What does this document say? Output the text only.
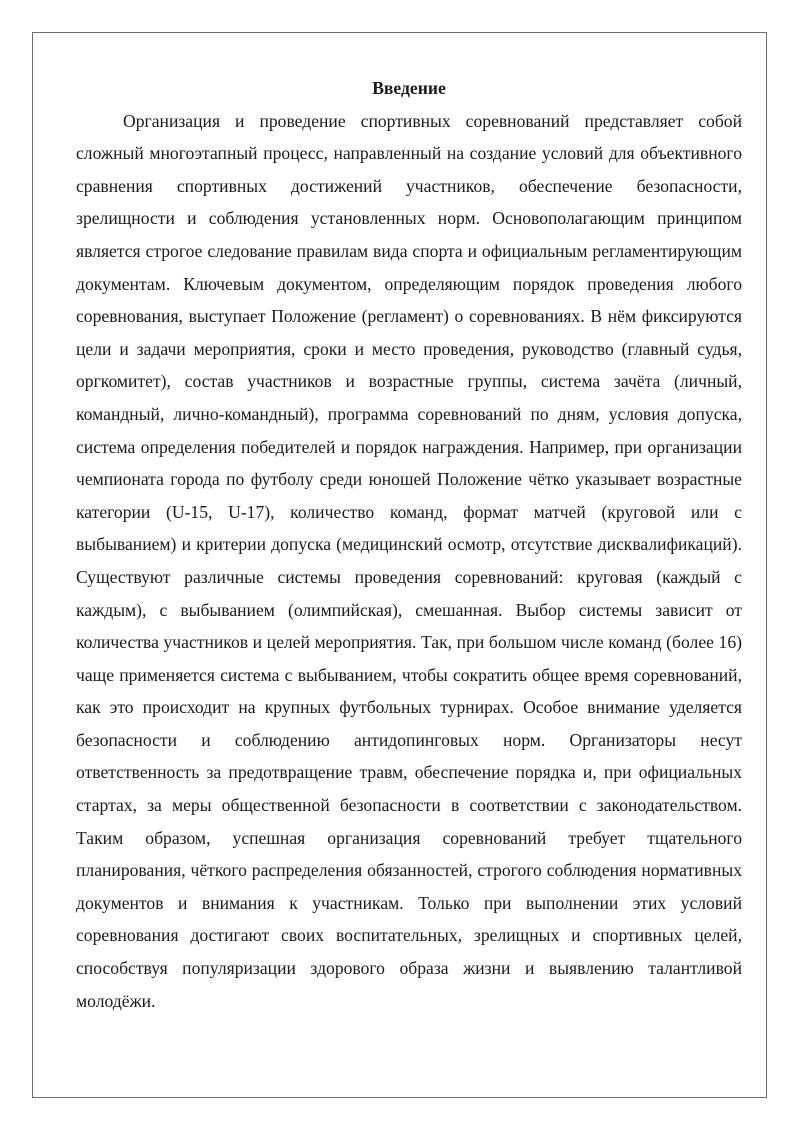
Введение

Организация и проведение спортивных соревнований представляет собой сложный многоэтапный процесс, направленный на создание условий для объективного сравнения спортивных достижений участников, обеспечение безопасности, зрелищности и соблюдения установленных норм. Основополагающим принципом является строгое следование правилам вида спорта и официальным регламентирующим документам. Ключевым документом, определяющим порядок проведения любого соревнования, выступает Положение (регламент) о соревнованиях. В нём фиксируются цели и задачи мероприятия, сроки и место проведения, руководство (главный судья, оргкомитет), состав участников и возрастные группы, система зачёта (личный, командный, лично-командный), программа соревнований по дням, условия допуска, система определения победителей и порядок награждения. Например, при организации чемпионата города по футболу среди юношей Положение чётко указывает возрастные категории (U-15, U-17), количество команд, формат матчей (круговой или с выбыванием) и критерии допуска (медицинский осмотр, отсутствие дисквалификаций). Существуют различные системы проведения соревнований: круговая (каждый с каждым), с выбыванием (олимпийская), смешанная. Выбор системы зависит от количества участников и целей мероприятия. Так, при большом числе команд (более 16) чаще применяется система с выбыванием, чтобы сократить общее время соревнований, как это происходит на крупных футбольных турнирах. Особое внимание уделяется безопасности и соблюдению антидопинговых норм. Организаторы несут ответственность за предотвращение травм, обеспечение порядка и, при официальных стартах, за меры общественной безопасности в соответствии с законодательством. Таким образом, успешная организация соревнований требует тщательного планирования, чёткого распределения обязанностей, строгого соблюдения нормативных документов и внимания к участникам. Только при выполнении этих условий соревнования достигают своих воспитательных, зрелищных и спортивных целей, способствуя популяризации здорового образа жизни и выявлению талантливой молодёжи.
